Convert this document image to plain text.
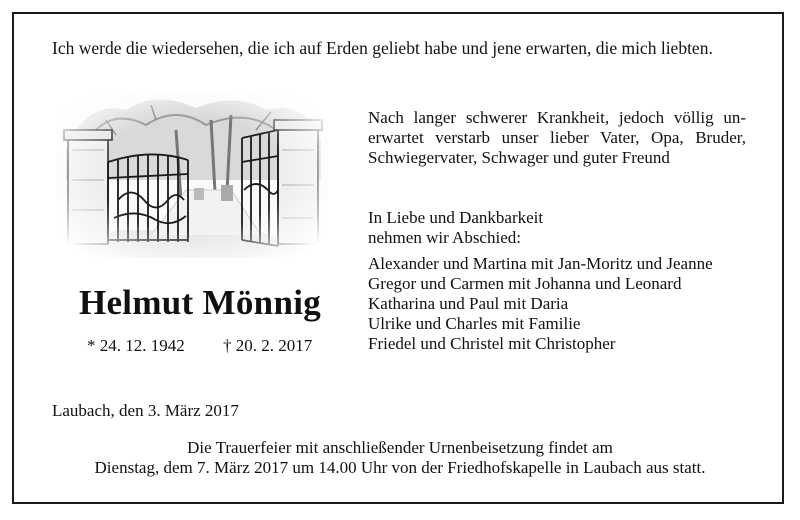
Ich werde die wiedersehen, die ich auf Erden geliebt habe und jene erwarten, die mich liebten.
Nach langer schwerer Krankheit, jedoch völlig un-
erwartet verstarb unser lieber Vater, Opa, Bruder,
Schwiegervater, Schwager und guter Freund
Helmut Mönnig
* 24. 12. 1942 † 20. 2. 2017
In Liebe und Dankbarkeit
nehmen wir Abschied:
Alexander und Martina mit Jan-Moritz und Jeanne
Gregor und Carmen mit Johanna und Leonard
Katharina und Paul mit Daria
Ulrike und Charles mit Familie
Friedel und Christel mit Christopher
Laubach, den 3. März 2017
Die Trauerfeier mit anschließender Urnenbeisetzung findet am
Dienstag, dem 7. März 2017 um 14.00 Uhr von der Friedhofskapelle in Laubach aus statt.
